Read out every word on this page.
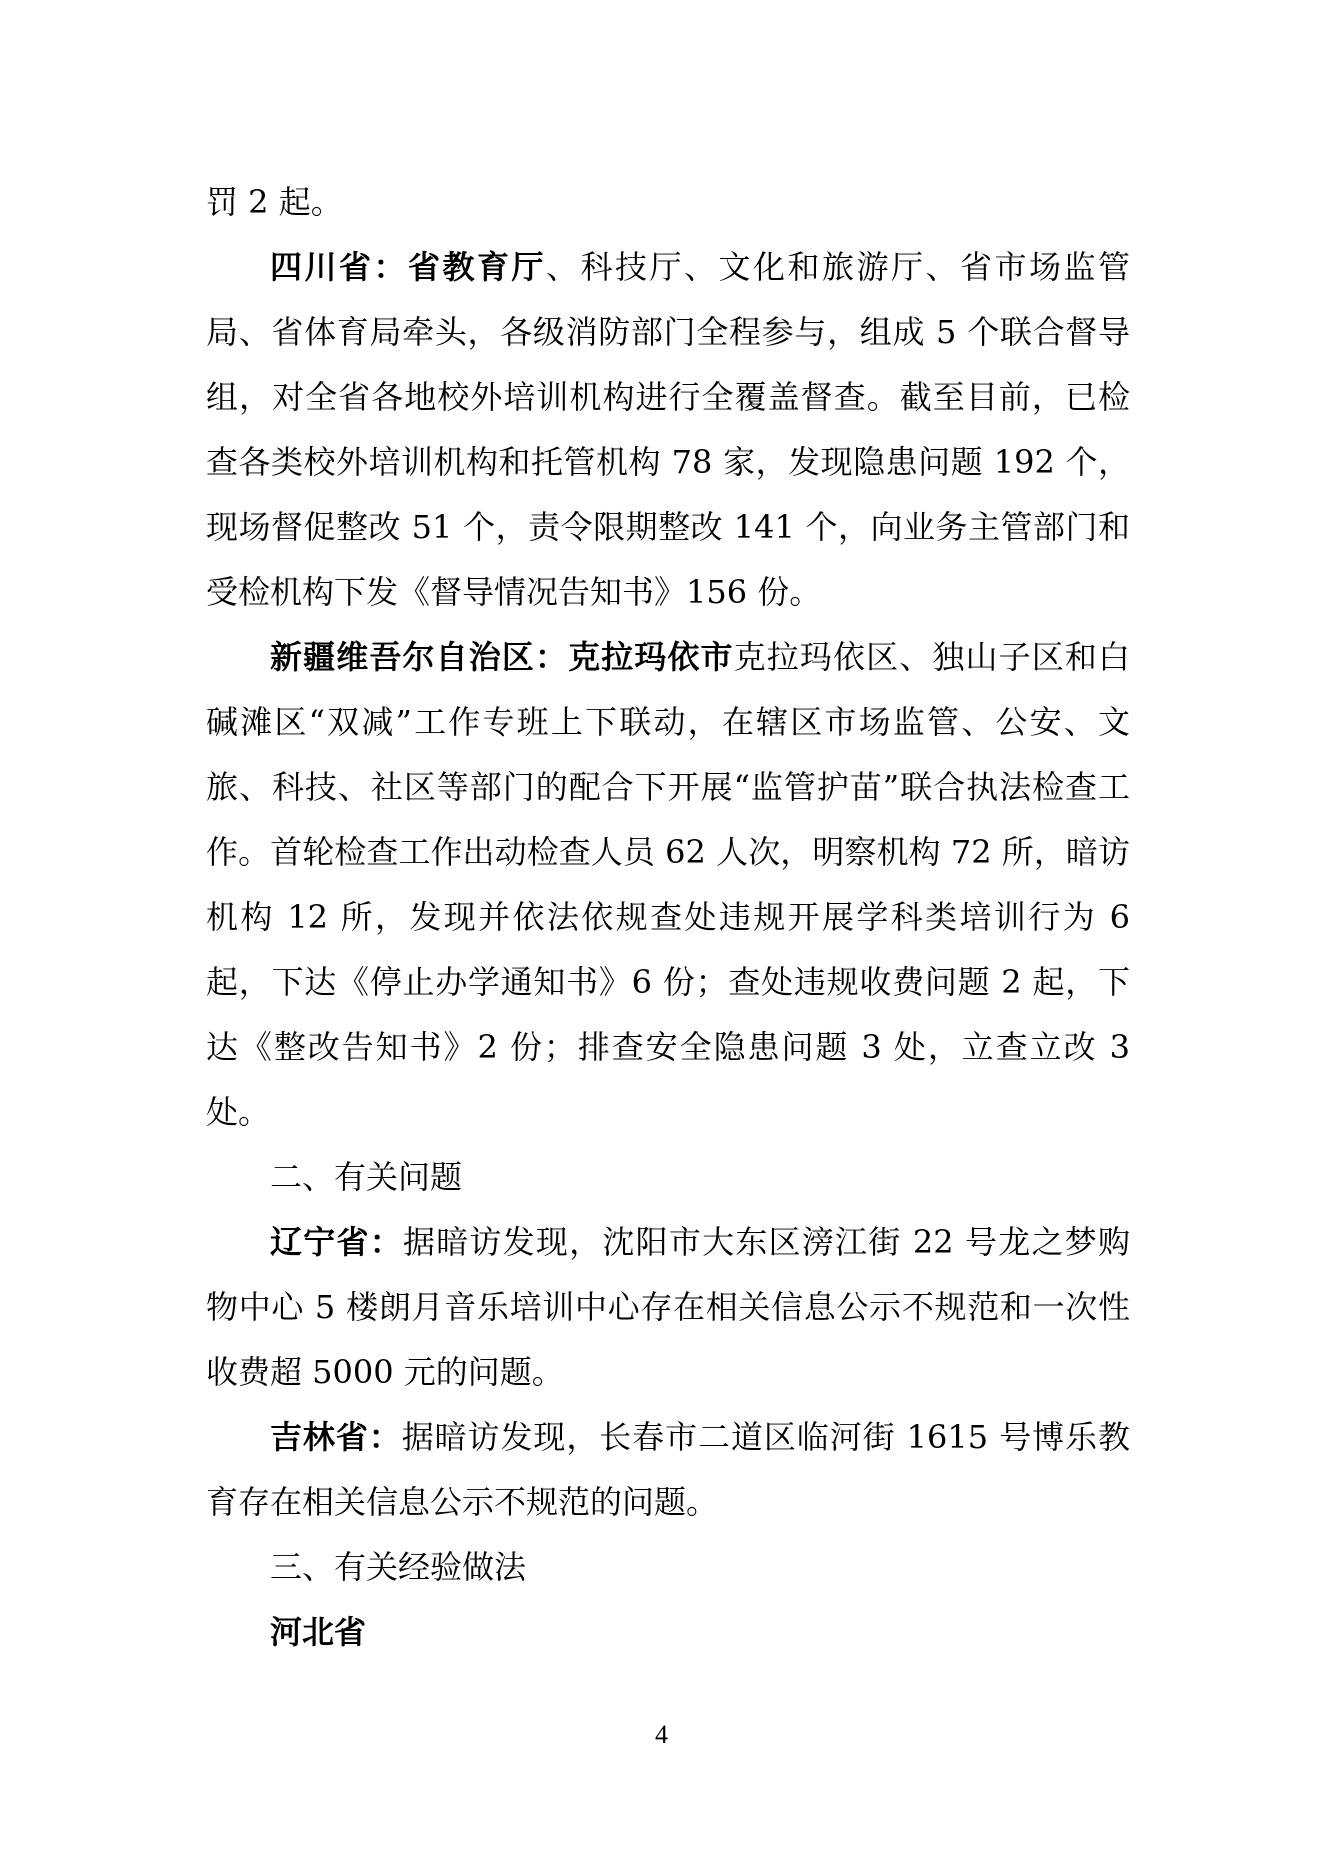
罚 2 起。

四川省：省教育厅、科技厅、文化和旅游厅、省市场监管局、省体育局牵头，各级消防部门全程参与，组成 5 个联合督导组，对全省各地校外培训机构进行全覆盖督查。截至目前，已检查各类校外培训机构和托管机构 78 家，发现隐患问题 192 个，现场督促整改 51 个，责令限期整改 141 个，向业务主管部门和受检机构下发《督导情况告知书》156 份。

新疆维吾尔自治区：克拉玛依市克拉玛依区、独山子区和白碱滩区“双减”工作专班上下联动，在辖区市场监管、公安、文旅、科技、社区等部门的配合下开展“监管护苗”联合执法检查工作。首轮检查工作出动检查人员 62 人次，明察机构 72 所，暗访机构 12 所，发现并依法依规查处违规开展学科类培训行为 6 起，下达《停止办学通知书》6 份；查处违规收费问题 2 起，下达《整改告知书》2 份；排查安全隐患问题 3 处，立查立改 3 处。

二、有关问题

辽宁省：据暗访发现，沈阳市大东区滂江街 22 号龙之梦购物中心 5 楼朗月音乐培训中心存在相关信息公示不规范和一次性收费超 5000 元的问题。

吉林省：据暗访发现，长春市二道区临河街 1615 号博乐教育存在相关信息公示不规范的问题。

三、有关经验做法

河北省

4
